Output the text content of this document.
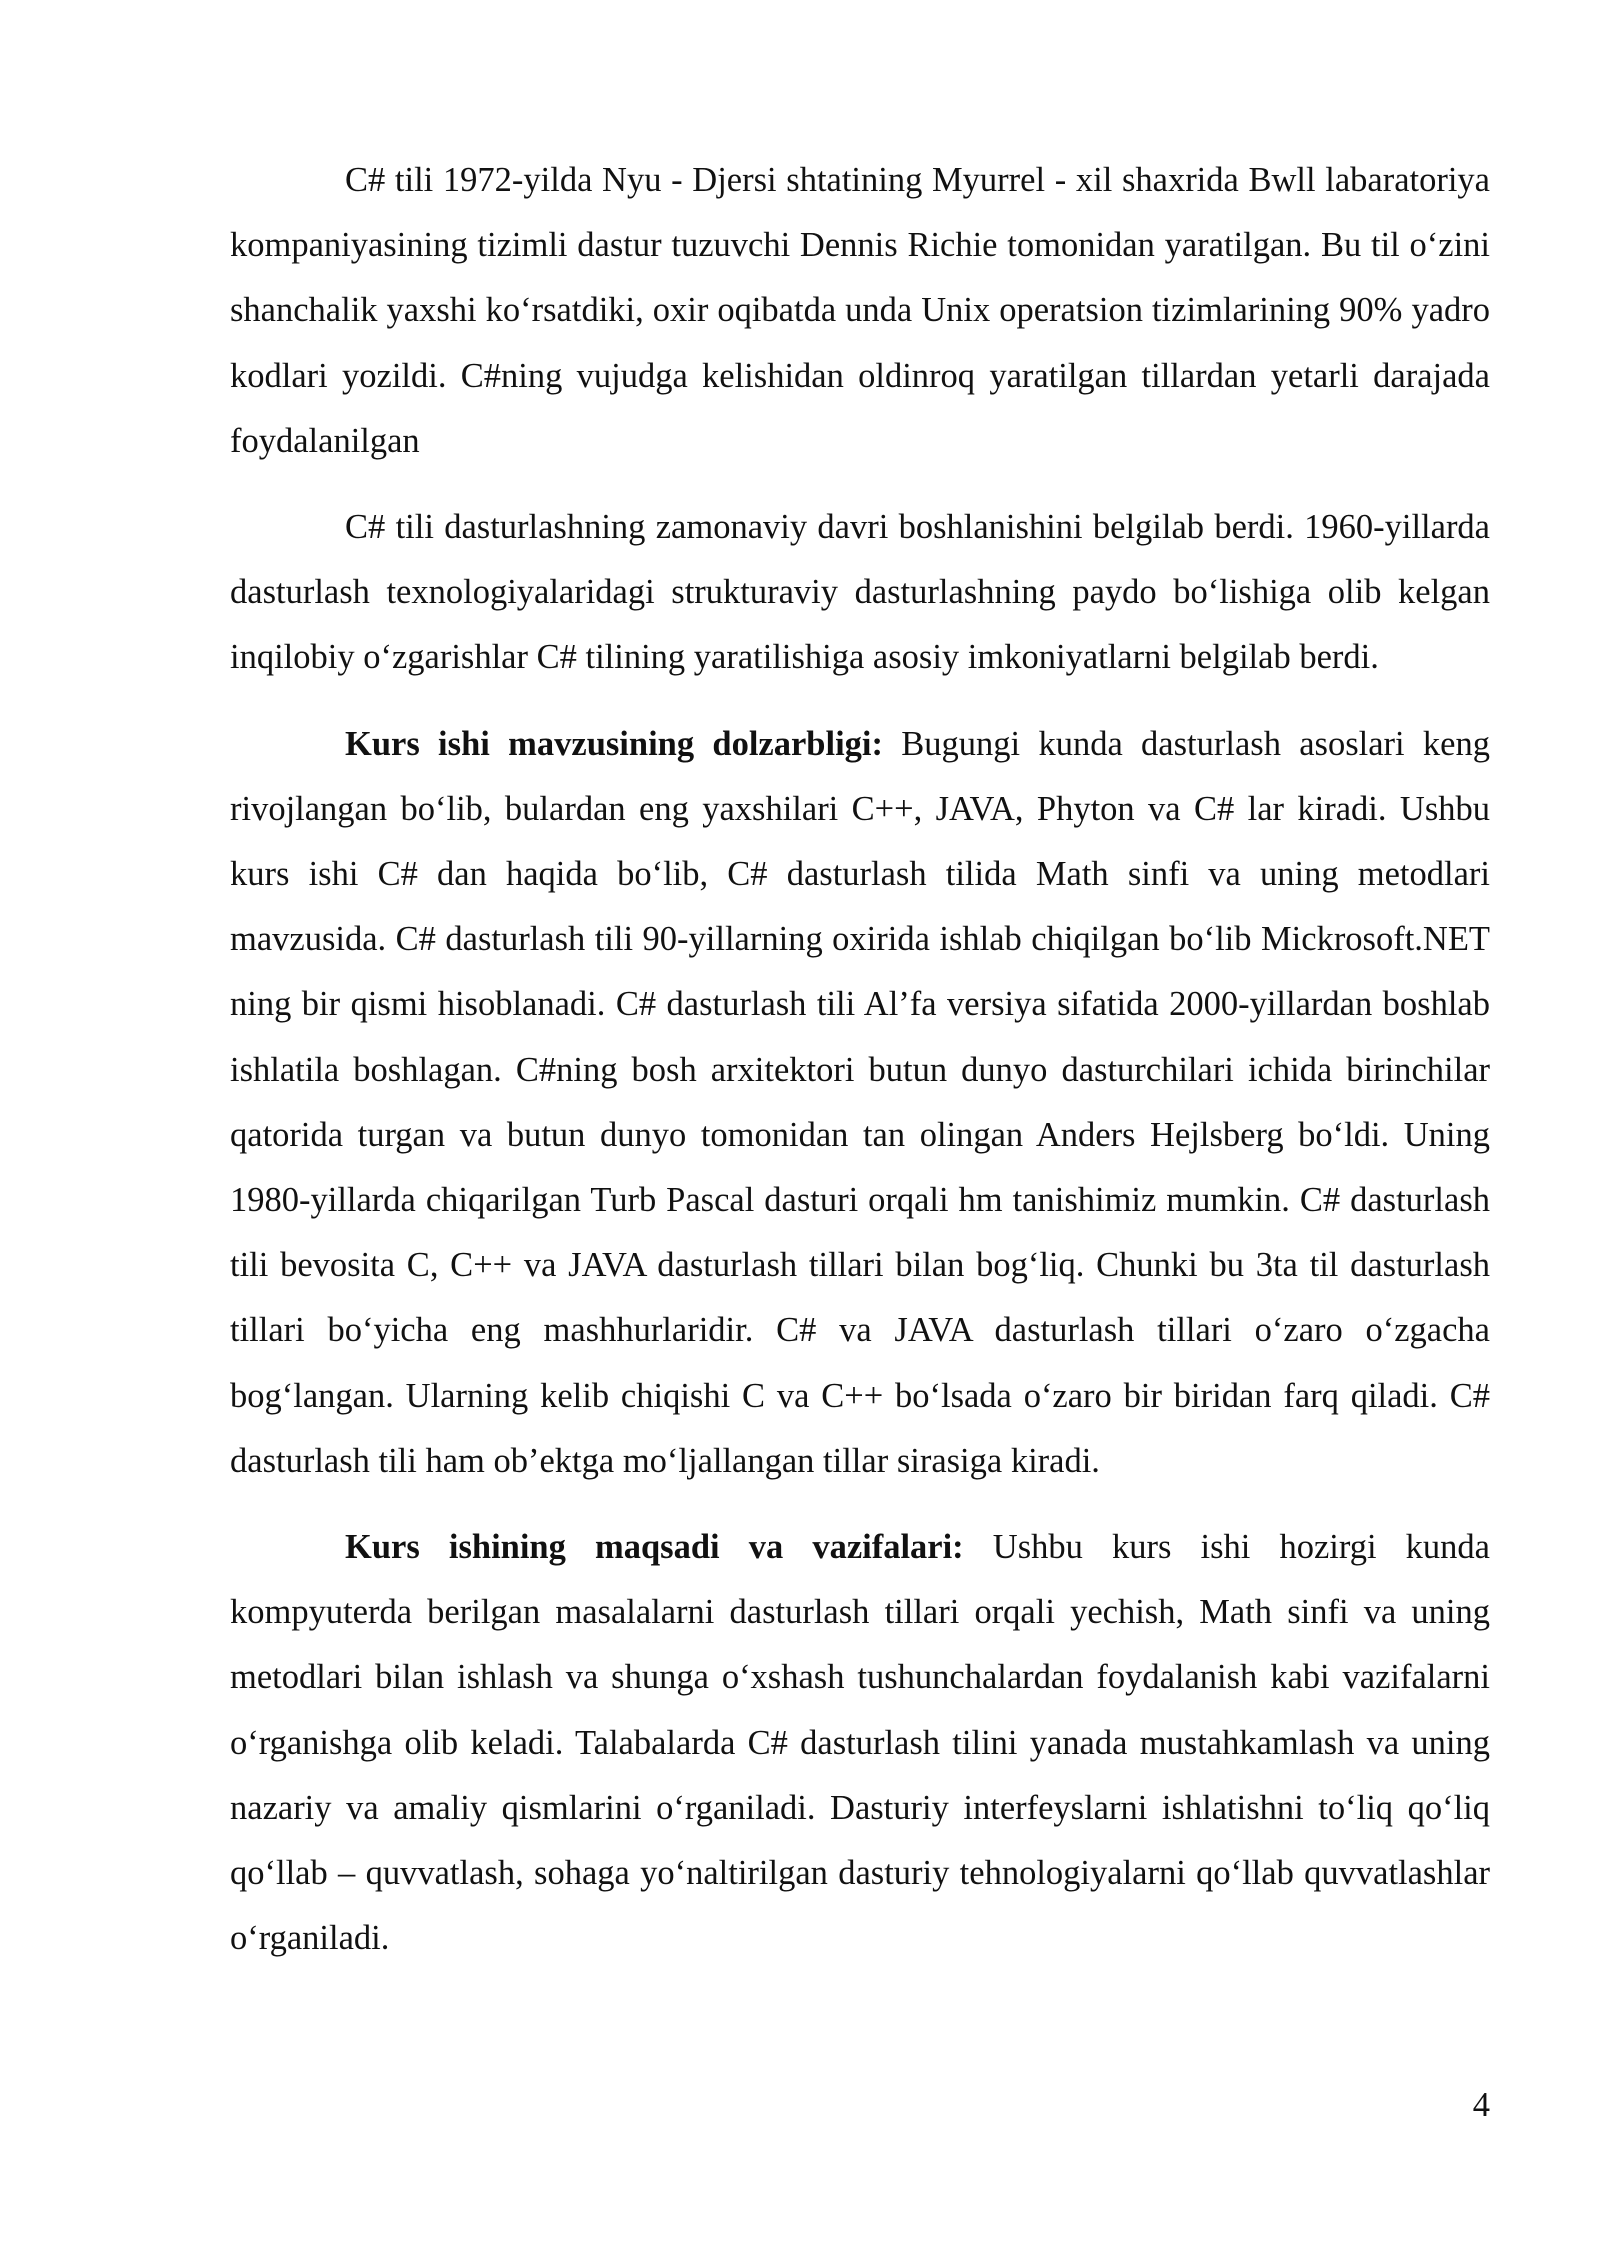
C# tili 1972-yilda Nyu - Djersi shtatining Myurrel - xil shaxrida Bwll labaratoriya kompaniyasining tizimli dastur tuzuvchi Dennis Richie tomonidan yaratilgan. Bu til o‘zini shanchalik yaxshi ko‘rsatdiki, oxir oqibatda unda Unix operatsion tizimlarining 90% yadro kodlari yozildi. C#ning vujudga kelishidan oldinroq yaratilgan tillardan yetarli darajada foydalanilgan

C# tili dasturlashning zamonaviy davri boshlanishini belgilab berdi. 1960-yillarda dasturlash texnologiyalaridagi strukturaviy dasturlashning paydo bo‘lishiga olib kelgan inqilobiy o‘zgarishlar C# tilining yaratilishiga asosiy imkoniyatlarni belgilab berdi.

Kurs ishi mavzusining dolzarbligi: Bugungi kunda dasturlash asoslari keng rivojlangan bo‘lib, bulardan eng yaxshilari C++, JAVA, Phyton va C# lar kiradi. Ushbu kurs ishi C# dan haqida bo‘lib, C# dasturlash tilida Math sinfi va uning metodlari mavzusida. C# dasturlash tili 90-yillarning oxirida ishlab chiqilgan bo‘lib Mickrosoft.NET ning bir qismi hisoblanadi. C# dasturlash tili Al’fa versiya sifatida 2000-yillardan boshlab ishlatila boshlagan. C#ning bosh arxitektori butun dunyo dasturchilari ichida birinchilar qatorida turgan va butun dunyo tomonidan tan olingan Anders Hejlsberg bo‘ldi. Uning 1980-yillarda chiqarilgan Turb Pascal dasturi orqali hm tanishimiz mumkin. C# dasturlash tili bevosita C, C++ va JAVA dasturlash tillari bilan bog‘liq. Chunki bu 3ta til dasturlash tillari bo‘yicha eng mashhurlaridir. C# va JAVA dasturlash tillari o‘zaro o‘zgacha bog‘langan. Ularning kelib chiqishi C va C++ bo‘lsada o‘zaro bir biridan farq qiladi. C# dasturlash tili ham ob’ektga mo‘ljallangan tillar sirasiga kiradi.

Kurs ishining maqsadi va vazifalari: Ushbu kurs ishi hozirgi kunda kompyuterda berilgan masalalarni dasturlash tillari orqali yechish, Math sinfi va uning metodlari bilan ishlash va shunga o‘xshash tushunchalardan foydalanish kabi vazifalarni o‘rganishga olib keladi. Talabalarda C# dasturlash tilini yanada mustahkamlash va uning nazariy va amaliy qismlarini o‘rganiladi. Dasturiy interfeyslarni ishlatishni to‘liq qo‘liq qo‘llab – quvvatlash, sohaga yo‘naltirilgan dasturiy tehnologiyalarni qo‘llab quvvatlashlar o‘rganiladi.

4
